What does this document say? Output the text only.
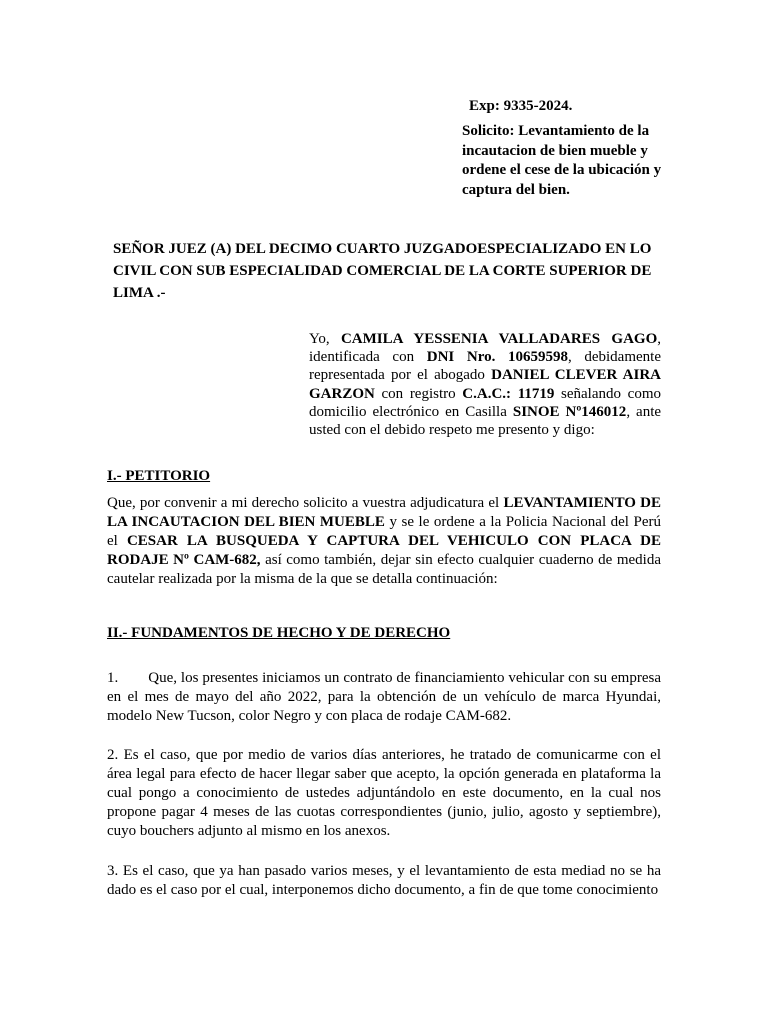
Exp: 9335-2024.

Solicito: Levantamiento de la incautacion de bien mueble y ordene el cese de la ubicación y captura del bien.

SEÑOR JUEZ (A) DEL DECIMO CUARTO JUZGADOESPECIALIZADO EN LO CIVIL CON SUB ESPECIALIDAD COMERCIAL DE LA CORTE SUPERIOR DE LIMA .-

Yo, CAMILA YESSENIA VALLADARES GAGO, identificada con DNI Nro. 10659598, debidamente representada por el abogado DANIEL CLEVER AIRA GARZON con registro C.A.C.: 11719 señalando como domicilio electrónico en Casilla SINOE Nº146012, ante usted con el debido respeto me presento y digo:

I.- PETITORIO

Que, por convenir a mi derecho solicito a vuestra adjudicatura el LEVANTAMIENTO DE LA INCAUTACION DEL BIEN MUEBLE y se le ordene a la Policia Nacional del Perú el CESAR LA BUSQUEDA Y CAPTURA DEL VEHICULO CON PLACA DE RODAJE Nº CAM-682, así como también, dejar sin efecto cualquier cuaderno de medida cautelar realizada por la misma de la que se detalla continuación:

II.- FUNDAMENTOS DE HECHO Y DE DERECHO

1. Que, los presentes iniciamos un contrato de financiamiento vehicular con su empresa en el mes de mayo del año 2022, para la obtención de un vehículo de marca Hyundai, modelo New Tucson, color Negro y con placa de rodaje CAM-682.

2. Es el caso, que por medio de varios días anteriores, he tratado de comunicarme con el área legal para efecto de hacer llegar saber que acepto, la opción generada en plataforma la cual pongo a conocimiento de ustedes adjuntándolo en este documento, en la cual nos propone pagar 4 meses de las cuotas correspondientes (junio, julio, agosto y septiembre), cuyo bouchers adjunto al mismo en los anexos.

3. Es el caso, que ya han pasado varios meses, y el levantamiento de esta mediad no se ha dado es el caso por el cual, interponemos dicho documento, a fin de que tome conocimiento
